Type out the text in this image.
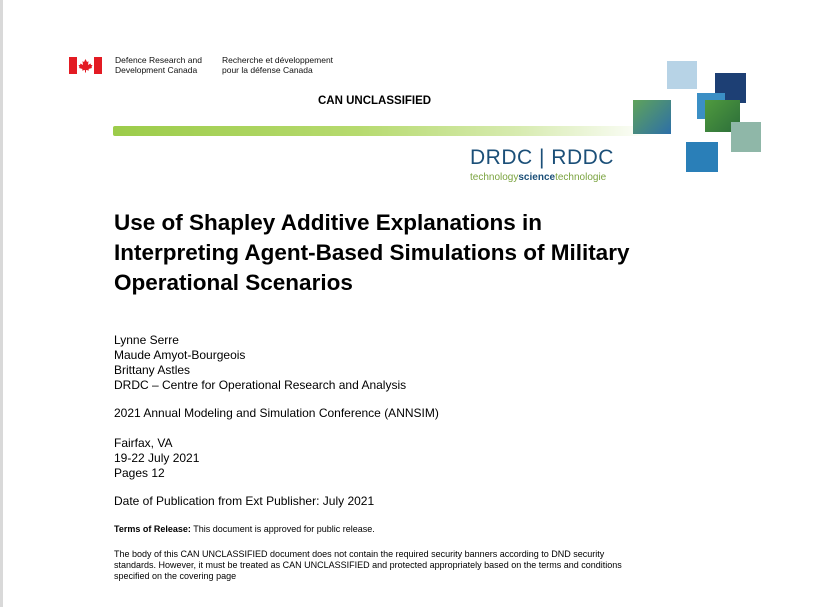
Defence Research and
Development Canada
Recherche et développement
pour la défense Canada
CAN UNCLASSIFIED
DRDC | RDDC
technologysciencetechnologie
Use of Shapley Additive Explanations in
Interpreting Agent-Based Simulations of Military
Operational Scenarios
Lynne Serre
Maude Amyot-Bourgeois
Brittany Astles
DRDC – Centre for Operational Research and Analysis
2021 Annual Modeling and Simulation Conference (ANNSIM)
Fairfax, VA
19-22 July 2021
Pages 12
Date of Publication from Ext Publisher: July 2021
Terms of Release: This document is approved for public release.
The body of this CAN UNCLASSIFIED document does not contain the required security banners according to DND security
standards. However, it must be treated as CAN UNCLASSIFIED and protected appropriately based on the terms and conditions
specified on the covering page
